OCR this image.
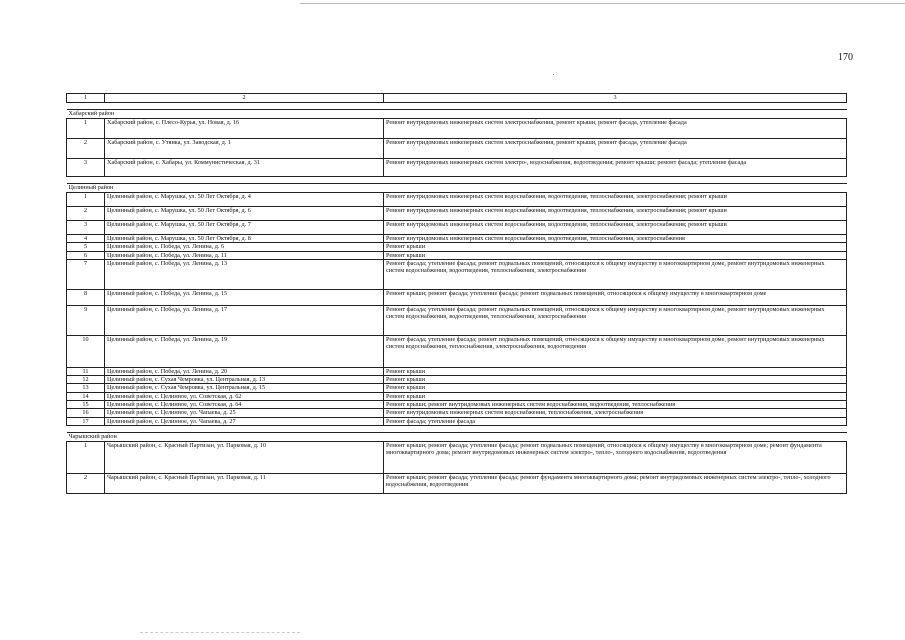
170
1	2	3

Хабарский район		
1	Хабарский район, с. Плесо-Курья, ул. Новая, д. 16	Ремонт внутридомовых инженерных систем электроснабжения, ремонт крыши, ремонт фасада, утепление фасада
2	Хабарский район, с. Утянка, ул. Заводская, д. 1	Ремонт внутридомовых инженерных систем электроснабжения, ремонт крыши, ремонт фасада, утепление фасада
3	Хабарский район, с. Хабары, ул. Коммунистическая, д. 31	Ремонт внутридомовых инженерных систем электро-, водоснабжения, водоотведения; ремонт крыши; ремонт фасада; утепление фасада

Целинный район		
1	Целинный район, с. Марушка, ул. 50 Лет Октября, д. 4	Ремонт внутридомовых инженерных систем водоснабжения, водоотведения, теплоснабжения, электроснабжения; ремонт крыши
2	Целинный район, с. Марушка, ул. 50 Лет Октября, д. 6	Ремонт внутридомовых инженерных систем водоснабжения, водоотведения, теплоснабжения, электроснабжения; ремонт крыши
3	Целинный район, с. Марушка, ул. 50 Лет Октября, д. 7	Ремонт внутридомовых инженерных систем водоснабжения, водоотведения, теплоснабжения, электроснабжения; ремонт крыши
4	Целинный район, с. Марушка, ул. 50 Лет Октября, д. 8	Ремонт внутридомовых инженерных систем водоснабжения, водоотведения, теплоснабжения, электроснабжения
5	Целинный район, с. Победа, ул. Ленина, д. 6	Ремонт крыши
6	Целинный район, с. Победа, ул. Ленина, д. 11	Ремонт крыши
7	Целинный район, с. Победа, ул. Ленина, д. 13	Ремонт фасада; утепление фасада; ремонт подвальных помещений, относящихся к общему имуществу в многоквартирном доме, ремонт внутридомовых инженерных систем водоснабжения, водоотведения, теплоснабжения, электроснабжения
8	Целинный район, с. Победа, ул. Ленина, д. 15	Ремонт крыши; ремонт фасада; утепление фасада; ремонт подвальных помещений, относящихся к общему имуществу в многоквартирном доме
9	Целинный район, с. Победа, ул. Ленина, д. 17	Ремонт фасада; утепление фасада; ремонт подвальных помещений, относящихся к общему имуществу в многоквартирном доме, ремонт внутридомовых инженерных систем водоснабжения, водоотведения, теплоснабжения, электроснабжения
10	Целинный район, с. Победа, ул. Ленина, д. 19	Ремонт фасада; утепление фасада; ремонт подвальных помещений, относящихся к общему имуществу в многоквартирном доме, ремонт внутридомовых инженерных систем водоснабжения, теплоснабжения, электроснабжения, водоотведения
11	Целинный район, с. Победа, ул. Ленина, д. 20	Ремонт крыши
12	Целинный район, с. Сухая Чемровка, ул. Центральная, д. 13	Ремонт крыши
13	Целинный район, с. Сухая Чемровка, ул. Центральная, д. 15	Ремонт крыши
14	Целинный район, с. Целинное, ул. Советская, д. 62	Ремонт крыши
15	Целинный район, с. Целинное, ул. Советская, д. 64	Ремонт крыши; ремонт внутридомовых инженерных систем водоснабжения, водоотведения, теплоснабжения
16	Целинный район, с. Целинное, ул. Чапаева, д. 25	Ремонт внутридомовых инженерных систем водоснабжения, теплоснабжения, электроснабжения
17	Целинный район, с. Целинное, ул. Чапаева, д. 27	Ремонт фасада; утепление фасада

Чарышский район		
1	Чарышский район, с. Красный Партизан, ул. Парковая, д. 10	Ремонт крыши; ремонт фасада; утепление фасада; ремонт подвальных помещений, относящихся к общему имуществу в многоквартирном доме; ремонт фундамента многоквартирного дома; ремонт внутридомовых инженерных систем электро-, тепло-, холодного водоснабжения, водоотведения
2	Чарышский район, с. Красный Партизан, ул. Парковая, д. 11	Ремонт крыши; ремонт фасада; утепление фасада; ремонт фундамента многоквартирного дома; ремонт внутридомовых инженерных систем электро-, тепло-, холодного водоснабжения, водоотведения
